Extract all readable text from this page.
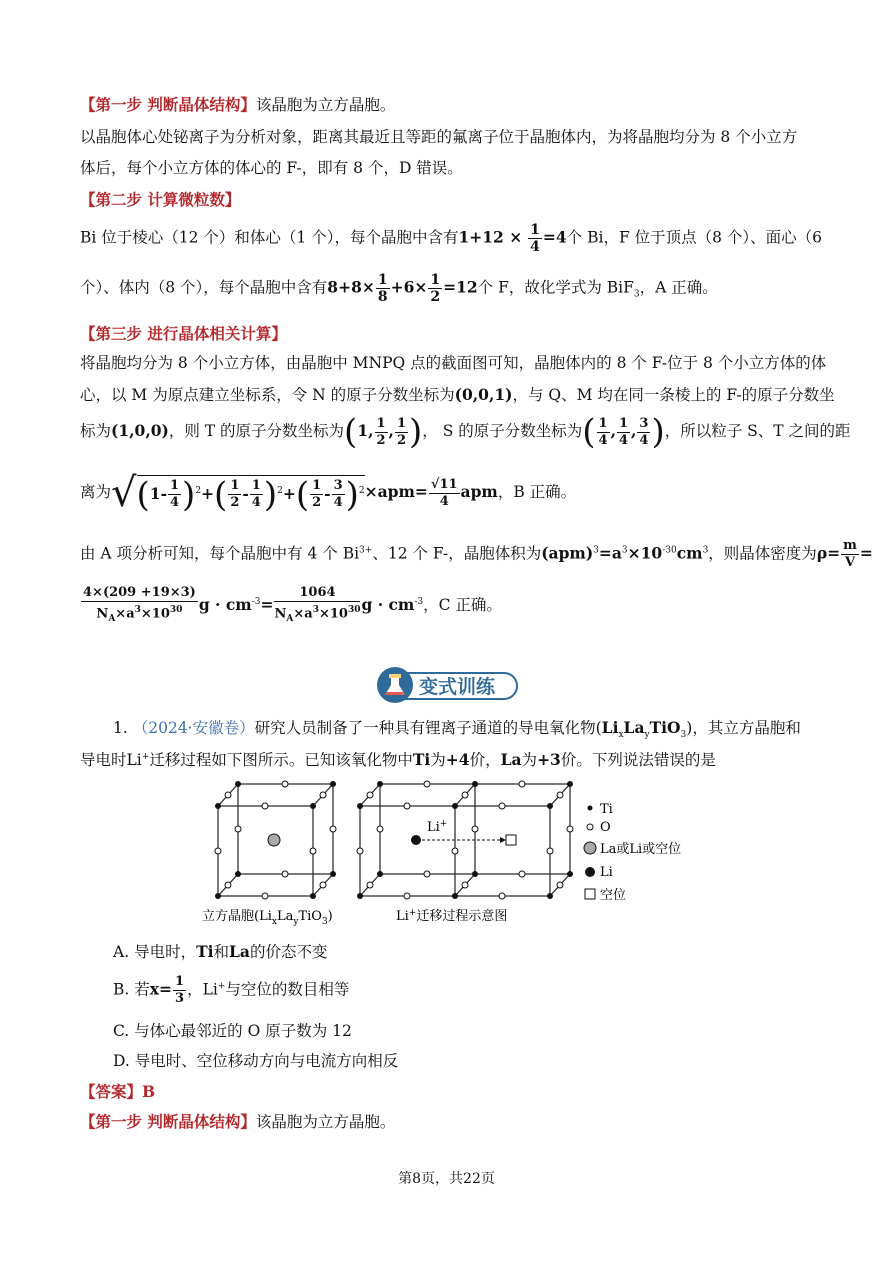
【第一步 判断晶体结构】该晶胞为立方晶胞。
以晶胞体心处铋离子为分析对象，距离其最近且等距的氟离子位于晶胞体内，为将晶胞均分为 8 个小立方
体后，每个小立方体的体心的 F-，即有 8 个，D 错误。
【第二步 计算微粒数】
Bi 位于棱心（12 个）和体心（1 个），每个晶胞中含有$1+12 \times \frac{1}{4} =4$个 Bi，F 位于顶点（8 个）、面心（6
个）、体内（8 个），每个晶胞中含有$8+8\times \frac{1}{8} +6\times \frac{1}{2} =12$个 F，故化学式为 BiF$_3$，A 正确。
【第三步 进行晶体相关计算】
将晶胞均分为 8 个小立方体，由晶胞中 MNPQ 点的截面图可知，晶胞体内的 8 个 F-位于 8 个小立方体的体
心，以 M 为原点建立坐标系，令 N 的原子分数坐标为(0,0,1)，与 Q、M 均在同一条棱上的 F-的原子分数坐
标为(1,0,0)，则 T 的原子分数坐标为(1, $\frac{1}{2}$ , $\frac{1}{2}$ )， S 的原子分数坐标为( $\frac{1}{4}$ , $\frac{1}{4}$ , $\frac{3}{4}$ )，所以粒子 S、T 之间的距
离为$√(1- \frac{1}{4} )^2+( \frac{1}{2} - \frac{1}{4} )^2+( \frac{1}{2} - \frac{3}{4} )^2\times apm= \frac{√11}{4}$ apm，B 正确。
由 A 项分析可知，每个晶胞中有 4 个 $Bi^{3+}$、12 个 F-，晶胞体积为$(apm)^3=a^3\times 10^{-30}cm^3$，则晶体密度为$\rho= \frac{m}{V}$ =
$\frac{4\times(209 +19\times 3)}{N_A\times a^3\times 10^{30}}$ $g \cdot cm^{-3}= \frac{1064}{N_A\times a^3\times 10^{30}}$ $g \cdot cm^{-3}$，C 正确。
变式训练
1. （2024·安徽卷）研究人员制备了一种具有锂离子通道的导电氧化物$(Li_xLa_yTiO_3)$，其立方晶胞和
导电时Li+迁移过程如下图所示。已知该氧化物中Ti为+4价，La为+3价。下列说法错误的是
Li+
Ti
O
La或Li或空位
Li
空位
立方晶胞$(Li_xLa_yTiO_3)$	Li+迁移过程示意图
A. 导电时，Ti和La的价态不变
B. 若$x= \frac{1}{3}$ ，Li+与空位的数目相等
C. 与体心最邻近的 O 原子数为 12
D. 导电时、空位移动方向与电流方向相反
【答案】B
【第一步 判断晶体结构】该晶胞为立方晶胞。
第8页，共22页
